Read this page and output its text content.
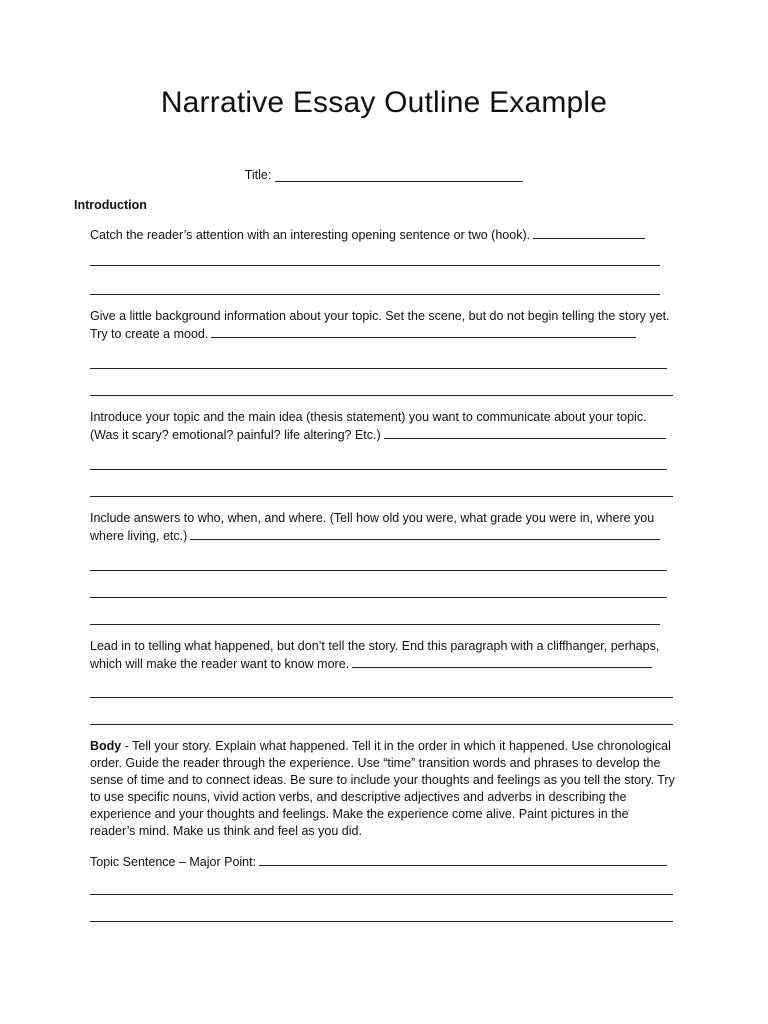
Narrative Essay Outline Example
Title:
Introduction

Catch the reader’s attention with an interesting opening sentence or two (hook).

Give a little background information about your topic. Set the scene, but do not begin telling the story yet. Try to create a mood.

Introduce your topic and the main idea (thesis statement) you want to communicate about your topic. (Was it scary? emotional? painful? life altering? Etc.)

Include answers to who, when, and where. (Tell how old you were, what grade you were in, where you where living, etc.)

Lead in to telling what happened, but don’t tell the story. End this paragraph with a cliffhanger, perhaps, which will make the reader want to know more.

Body - Tell your story. Explain what happened. Tell it in the order in which it happened. Use chronological order. Guide the reader through the experience. Use “time” transition words and phrases to develop the sense of time and to connect ideas. Be sure to include your thoughts and feelings as you tell the story. Try to use specific nouns, vivid action verbs, and descriptive adjectives and adverbs in describing the experience and your thoughts and feelings. Make the experience come alive. Paint pictures in the reader’s mind. Make us think and feel as you did.

Topic Sentence – Major Point:
